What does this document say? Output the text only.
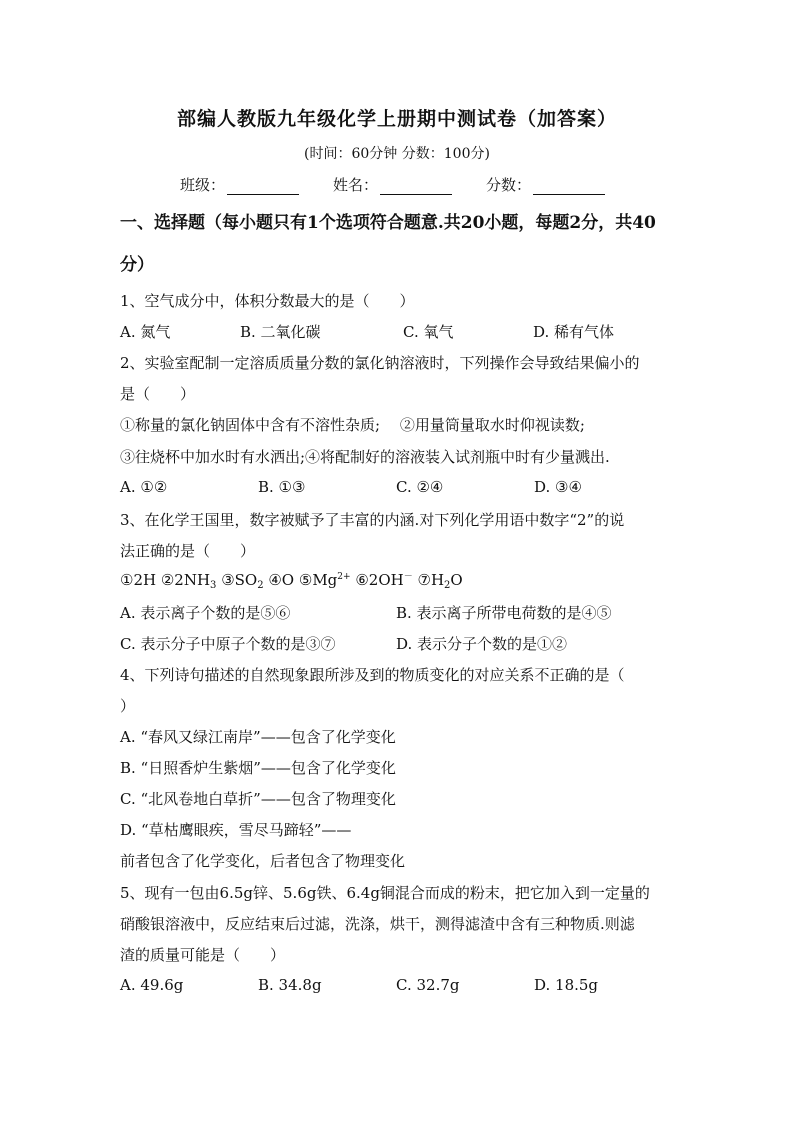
部编人教版九年级化学上册期中测试卷（加答案）
(时间：60分钟 分数：100分)
班级：	姓名：	分数：
一、选择题（每小题只有1个选项符合题意.共20小题，每题2分，共40分）
1、空气成分中，体积分数最大的是（　　）
A. 氮气	B. 二氧化碳	C. 氧气	D. 稀有气体
2、实验室配制一定溶质质量分数的氯化钠溶液时，下列操作会导致结果偏小的
是（　　）
①称量的氯化钠固体中含有不溶性杂质;　 ②用量筒量取水时仰视读数;
③往烧杯中加水时有水洒出;④将配制好的溶液装入试剂瓶中时有少量溅出.
A. ①②	B. ①③	C. ②④	D. ③④
3、在化学王国里，数字被赋予了丰富的内涵.对下列化学用语中数字“2”的说
法正确的是（　　）
①2H $②2NH_3$ $③SO_2$ ④O $⑤Mg^{2+}$ ⑥2OH－ $⑦H_2O$
A. 表示离子个数的是⑤⑥	B. 表示离子所带电荷数的是④⑤
C. 表示分子中原子个数的是③⑦	D. 表示分子个数的是①②
4、下列诗句描述的自然现象跟所涉及到的物质变化的对应关系不正确的是（
）
A. “春风又绿江南岸”——包含了化学变化
B. “日照香炉生紫烟”——包含了化学变化
C. “北风卷地白草折”——包含了物理变化
D. “草枯鹰眼疾，雪尽马蹄轻”——
前者包含了化学变化，后者包含了物理变化
5、现有一包由6.5g锌、5.6g铁、6.4g铜混合而成的粉末，把它加入到一定量的
硝酸银溶液中，反应结束后过滤，洗涤，烘干，测得滤渣中含有三种物质.则滤
渣的质量可能是（　　）
A. 49.6g	B. 34.8g	C. 32.7g	D. 18.5g
